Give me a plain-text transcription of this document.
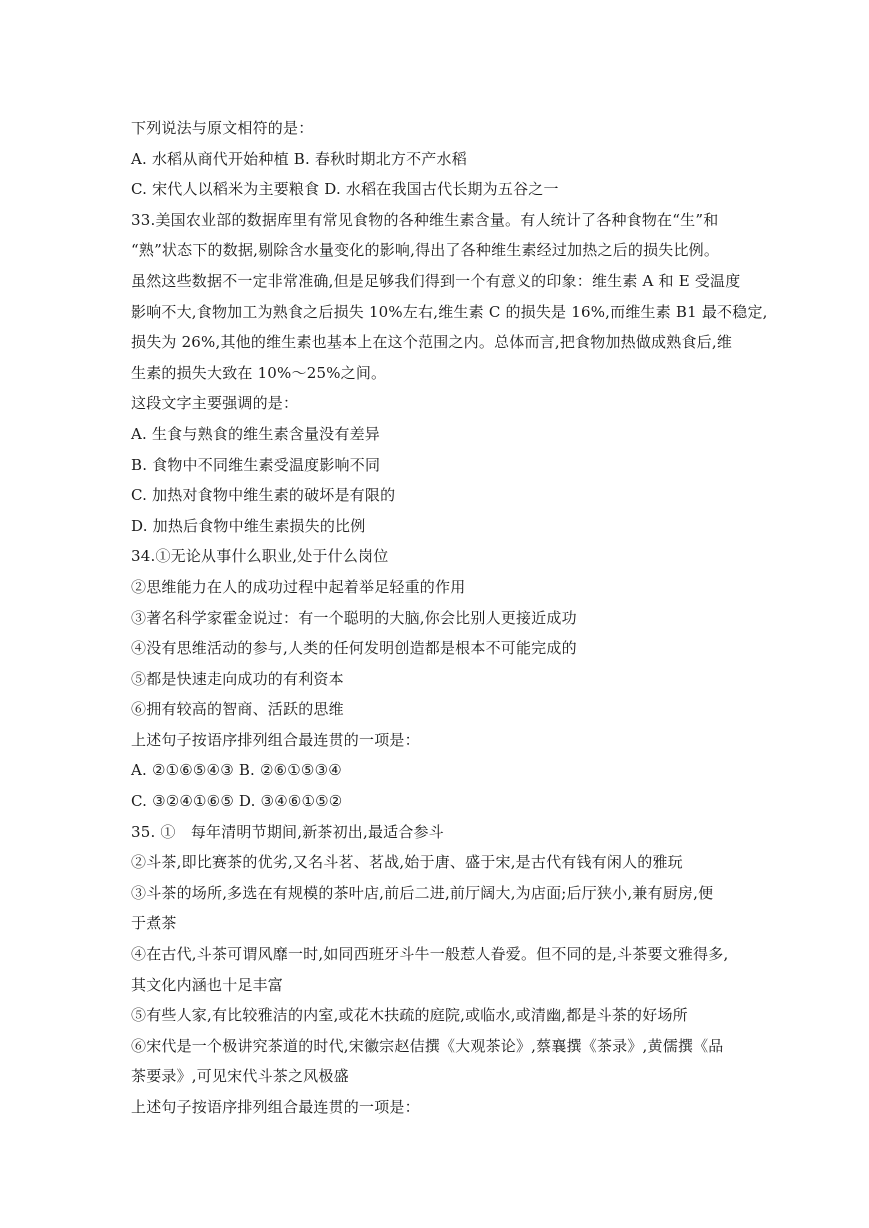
下列说法与原文相符的是：
A. 水稻从商代开始种植 B. 春秋时期北方不产水稻
C. 宋代人以稻米为主要粮食 D. 水稻在我国古代长期为五谷之一
33.美国农业部的数据库里有常见食物的各种维生素含量。有人统计了各种食物在“生”和
“熟”状态下的数据,剔除含水量变化的影响,得出了各种维生素经过加热之后的损失比例。
虽然这些数据不一定非常准确,但是足够我们得到一个有意义的印象：维生素 A 和 E 受温度
影响不大,食物加工为熟食之后损失 10%左右,维生素 C 的损失是 16%,而维生素 B1 最不稳定,
损失为 26%,其他的维生素也基本上在这个范围之内。总体而言,把食物加热做成熟食后,维
生素的损失大致在 10%～25%之间。
这段文字主要强调的是：
A. 生食与熟食的维生素含量没有差异
B. 食物中不同维生素受温度影响不同
C. 加热对食物中维生素的破坏是有限的
D. 加热后食物中维生素损失的比例
34.①无论从事什么职业,处于什么岗位
②思维能力在人的成功过程中起着举足轻重的作用
③著名科学家霍金说过：有一个聪明的大脑,你会比别人更接近成功
④没有思维活动的参与,人类的任何发明创造都是根本不可能完成的
⑤都是快速走向成功的有利资本
⑥拥有较高的智商、活跃的思维
上述句子按语序排列组合最连贯的一项是：
A. ②①⑥⑤④③ B. ②⑥①⑤③④
C. ③②④①⑥⑤ D. ③④⑥①⑤②
35. ①　每年清明节期间,新茶初出,最适合参斗
②斗茶,即比赛茶的优劣,又名斗茗、茗战,始于唐、盛于宋,是古代有钱有闲人的雅玩
③斗茶的场所,多选在有规模的茶叶店,前后二进,前厅阔大,为店面;后厅狭小,兼有厨房,便
于煮茶
④在古代,斗茶可谓风靡一时,如同西班牙斗牛一般惹人眷爱。但不同的是,斗茶要文雅得多,
其文化内涵也十足丰富
⑤有些人家,有比较雅洁的内室,或花木扶疏的庭院,或临水,或清幽,都是斗茶的好场所
⑥宋代是一个极讲究茶道的时代,宋徽宗赵佶撰《大观茶论》,蔡襄撰《茶录》,黄儒撰《品
茶要录》,可见宋代斗茶之风极盛
上述句子按语序排列组合最连贯的一项是：
